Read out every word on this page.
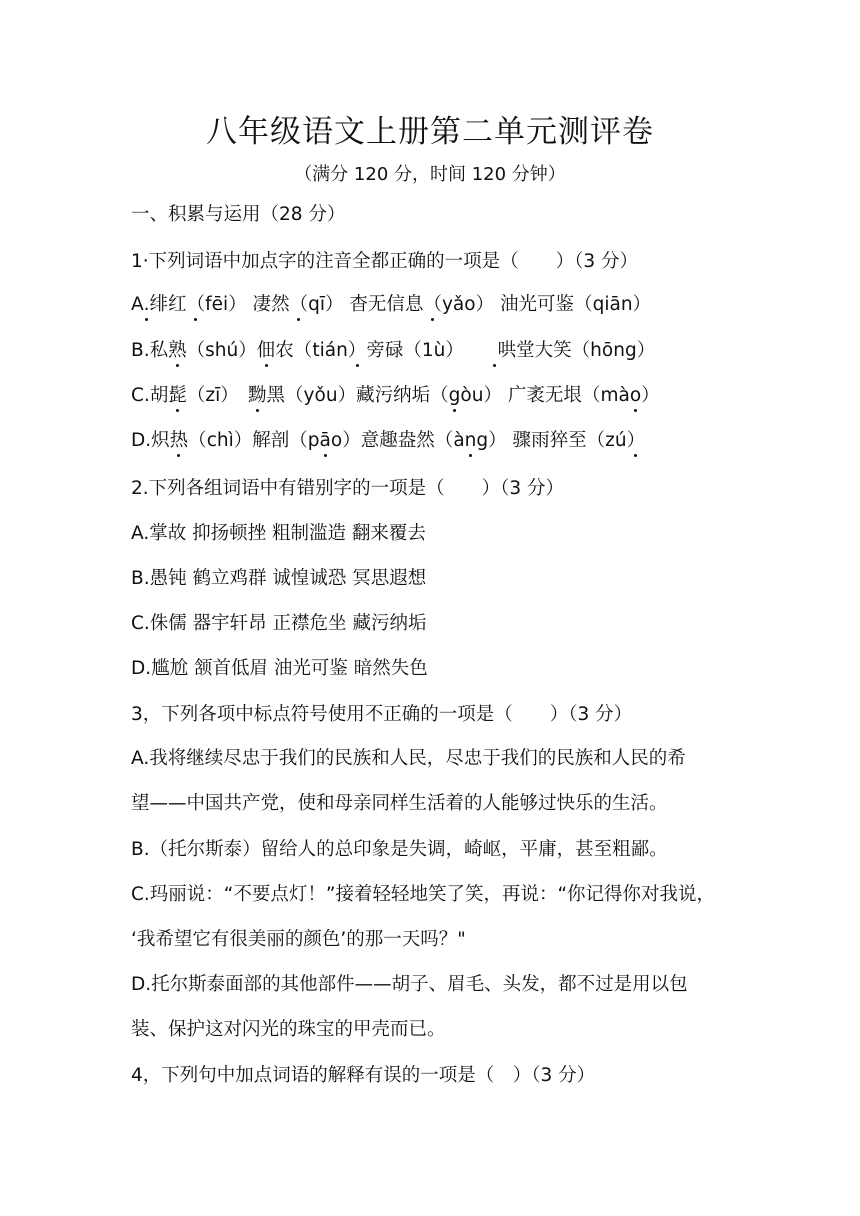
八年级语文上册第二单元测评卷
（满分 120 分，时间 120 分钟）
一、积累与运用（28 分）
1·下列词语中加点字的注音全都正确的一项是（　　）（3 分）
A.绯红（fēi） 凄然（qī） 杳无信息（yǎo） 油光可鉴（qiān）
B.私熟（shú）佃农（tián）旁碌（1ù）　　 哄堂大笑（hōng）
C.胡髭（zī）　 黝黑（yǒu）藏污纳垢（gòu） 广袤无垠（mào）
D.炽热（chì）解剖（pāo）意趣盎然（àng） 骤雨猝至（zú）
2.下列各组词语中有错别字的一项是（　　）（3 分）
A.掌故 抑扬顿挫 粗制滥造 翻来覆去
B.愚钝 鹤立鸡群 诚惶诚恐 冥思遐想
C.侏儒 器宇轩昂 正襟危坐 藏污纳垢
D.尴尬 颔首低眉 油光可鉴 暗然失色
3，下列各项中标点符号使用不正确的一项是（　　）（3 分）
A.我将继续尽忠于我们的民族和人民，尽忠于我们的民族和人民的希
望——中国共产党，使和母亲同样生活着的人能够过快乐的生活。
B.（托尔斯泰）留给人的总印象是失调，崎岖，平庸，甚至粗鄙。
C.玛丽说：“不要点灯！”接着轻轻地笑了笑，再说：“你记得你对我说，
‘我希望它有很美丽的颜色’的那一天吗？"
D.托尔斯泰面部的其他部件——胡子、眉毛、头发，都不过是用以包
装、保护这对闪光的珠宝的甲壳而已。
4，下列句中加点词语的解释有误的一项是（　）（3 分）
